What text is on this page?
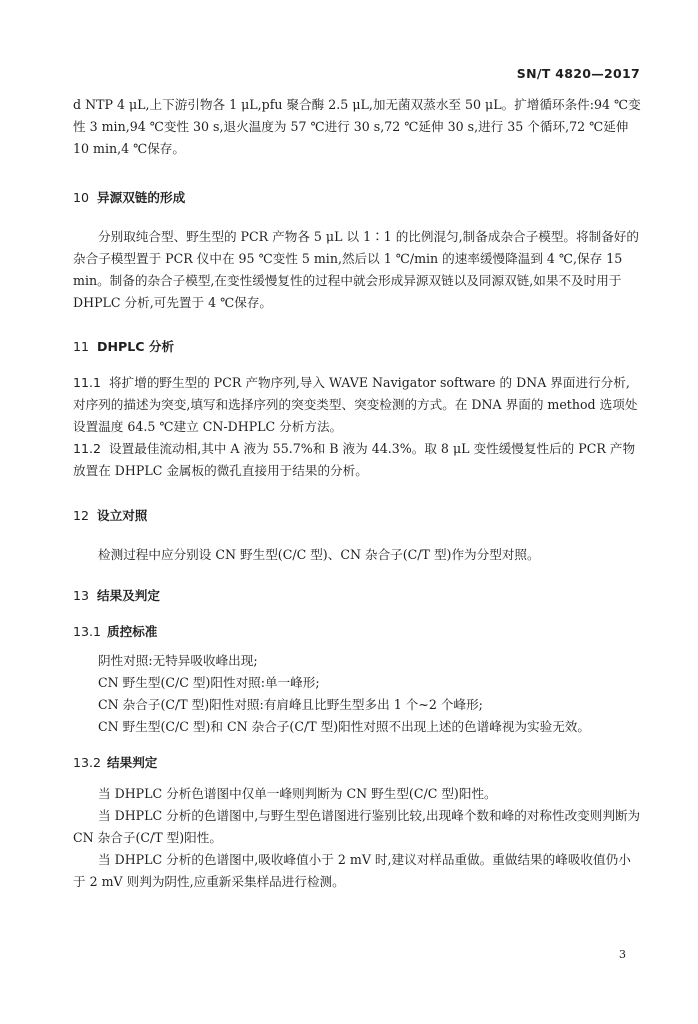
SN/T 4820—2017

d NTP 4 μL,上下游引物各 1 μL,pfu 聚合酶 2.5 μL,加无菌双蒸水至 50 μL。扩增循环条件:94 ℃变性 3 min,94 ℃变性 30 s,退火温度为 57 ℃进行 30 s,72 ℃延伸 30 s,进行 35 个循环,72 ℃延伸 10 min,4 ℃保存。

10 异源双链的形成

分别取纯合型、野生型的 PCR 产物各 5 μL 以 1∶1 的比例混匀,制备成杂合子模型。将制备好的杂合子模型置于 PCR 仪中在 95 ℃变性 5 min,然后以 1 ℃/min 的速率缓慢降温到 4 ℃,保存 15 min。制备的杂合子模型,在变性缓慢复性的过程中就会形成异源双链以及同源双链,如果不及时用于 DHPLC 分析,可先置于 4 ℃保存。

11 DHPLC 分析

11.1 将扩增的野生型的 PCR 产物序列,导入 WAVE Navigator software 的 DNA 界面进行分析,对序列的描述为突变,填写和选择序列的突变类型、突变检测的方式。在 DNA 界面的 method 选项处设置温度 64.5 ℃建立 CN-DHPLC 分析方法。

11.2 设置最佳流动相,其中 A 液为 55.7%和 B 液为 44.3%。取 8 μL 变性缓慢复性后的 PCR 产物放置在 DHPLC 金属板的微孔直接用于结果的分析。

12 设立对照

检测过程中应分别设 CN 野生型(C/C 型)、CN 杂合子(C/T 型)作为分型对照。

13 结果及判定
13.1 质控标准

阴性对照:无特异吸收峰出现;

CN 野生型(C/C 型)阳性对照:单一峰形;

CN 杂合子(C/T 型)阳性对照:有肩峰且比野生型多出 1 个~2 个峰形;

CN 野生型(C/C 型)和 CN 杂合子(C/T 型)阳性对照不出现上述的色谱峰视为实验无效。

13.2 结果判定

当 DHPLC 分析色谱图中仅单一峰则判断为 CN 野生型(C/C 型)阳性。

当 DHPLC 分析的色谱图中,与野生型色谱图进行鉴别比较,出现峰个数和峰的对称性改变则判断为 CN 杂合子(C/T 型)阳性。

当 DHPLC 分析的色谱图中,吸收峰值小于 2 mV 时,建议对样品重做。重做结果的峰吸收值仍小于 2 mV 则判为阴性,应重新采集样品进行检测。

3
